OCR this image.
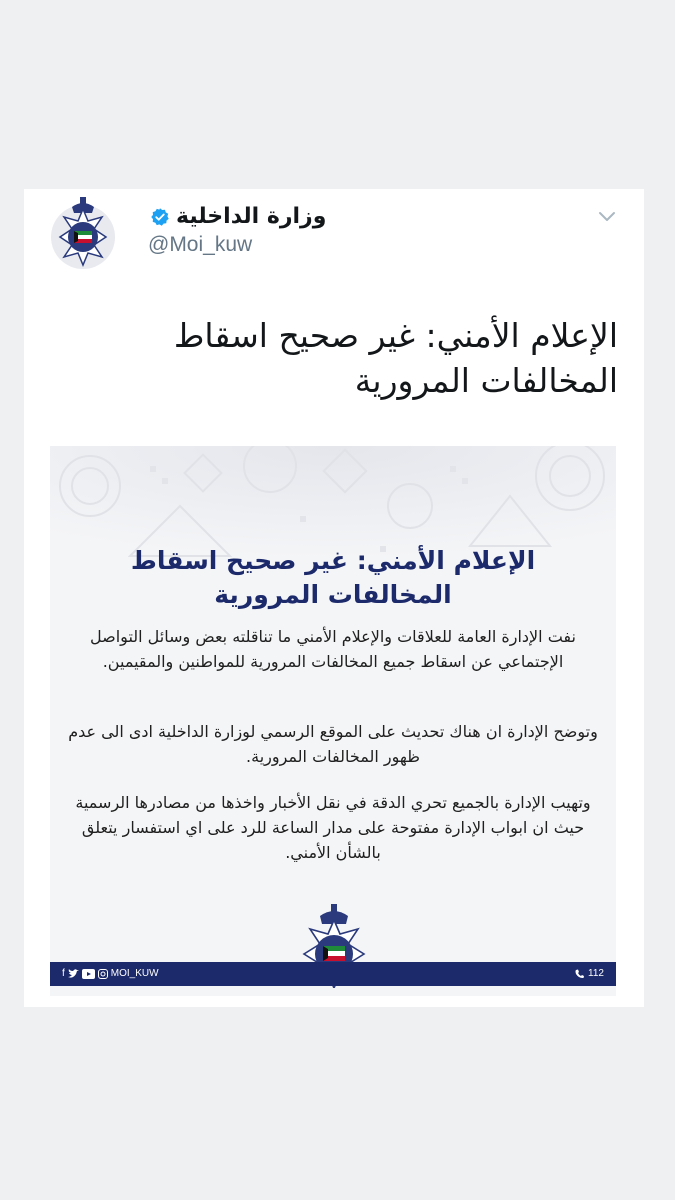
وزارة الداخلية
@Moi_kuw
الإعلام الأمني: غير صحيح اسقاط
المخالفات المرورية
الإعلام الأمني: غير صحيح اسقاط
المخالفات المرورية
نفت الإدارة العامة للعلاقات والإعلام الأمني ما تناقلته بعض وسائل التواصل الإجتماعي عن اسقاط جميع المخالفات المرورية للمواطنين والمقيمين.
وتوضح الإدارة ان هناك تحديث على الموقع الرسمي لوزارة الداخلية ادى الى عدم ظهور المخالفات المرورية.
وتهيب الإدارة بالجميع تحري الدقة في نقل الأخبار واخذها من مصادرها الرسمية حيث ان ابواب الإدارة مفتوحة على مدار الساعة للرد على اي استفسار يتعلق بالشأن الأمني.
f	MOI_KUW	112
